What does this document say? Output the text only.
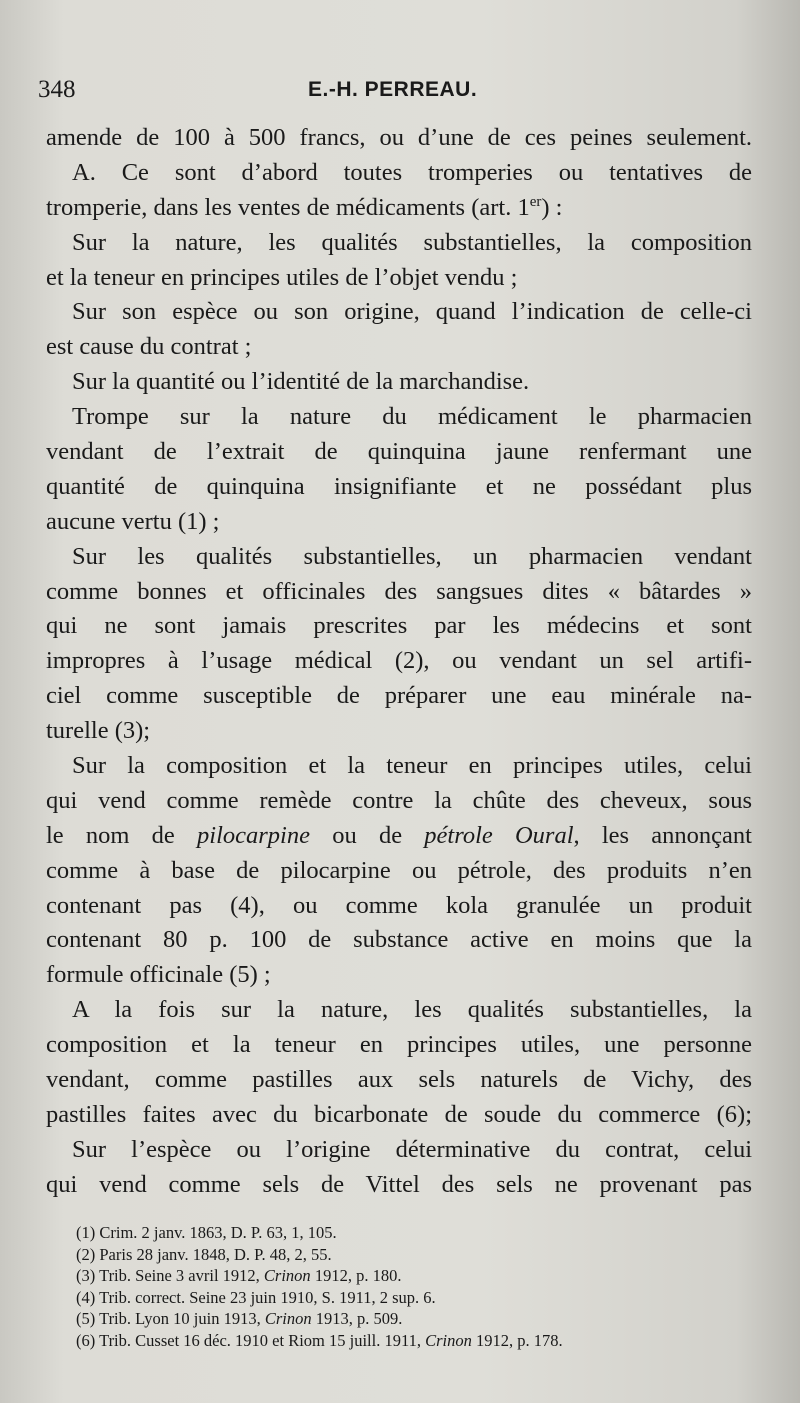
348	E.-H. PERREAU.
amende de 100 à 500 francs, ou d’une de ces peines seulement.
A. Ce sont d’abord toutes tromperies ou tentatives de
tromperie, dans les ventes de médicaments (art. 1er) :
Sur la nature, les qualités substantielles, la composition
et la teneur en principes utiles de l’objet vendu ;
Sur son espèce ou son origine, quand l’indication de celle-ci
est cause du contrat ;
Sur la quantité ou l’identité de la marchandise.
Trompe sur la nature du médicament le pharmacien
vendant de l’extrait de quinquina jaune renfermant une
quantité de quinquina insignifiante et ne possédant plus
aucune vertu (1) ;
Sur les qualités substantielles, un pharmacien vendant
comme bonnes et officinales des sangsues dites « bâtardes »
qui ne sont jamais prescrites par les médecins et sont
impropres à l’usage médical (2), ou vendant un sel artifi-
ciel comme susceptible de préparer une eau minérale na-
turelle (3);
Sur la composition et la teneur en principes utiles, celui
qui vend comme remède contre la chûte des cheveux, sous
le nom de pilocarpine ou de pétrole Oural, les annonçant
comme à base de pilocarpine ou pétrole, des produits n’en
contenant pas (4), ou comme kola granulée un produit
contenant 80 p. 100 de substance active en moins que la
formule officinale (5) ;
A la fois sur la nature, les qualités substantielles, la
composition et la teneur en principes utiles, une personne
vendant, comme pastilles aux sels naturels de Vichy, des
pastilles faites avec du bicarbonate de soude du commerce (6);
Sur l’espèce ou l’origine déterminative du contrat, celui
qui vend comme sels de Vittel des sels ne provenant pas
(1) Crim. 2 janv. 1863, D. P. 63, 1, 105.
(2) Paris 28 janv. 1848, D. P. 48, 2, 55.
(3) Trib. Seine 3 avril 1912, Crinon 1912, p. 180.
(4) Trib. correct. Seine 23 juin 1910, S. 1911, 2 sup. 6.
(5) Trib. Lyon 10 juin 1913, Crinon 1913, p. 509.
(6) Trib. Cusset 16 déc. 1910 et Riom 15 juill. 1911, Crinon 1912, p. 178.
